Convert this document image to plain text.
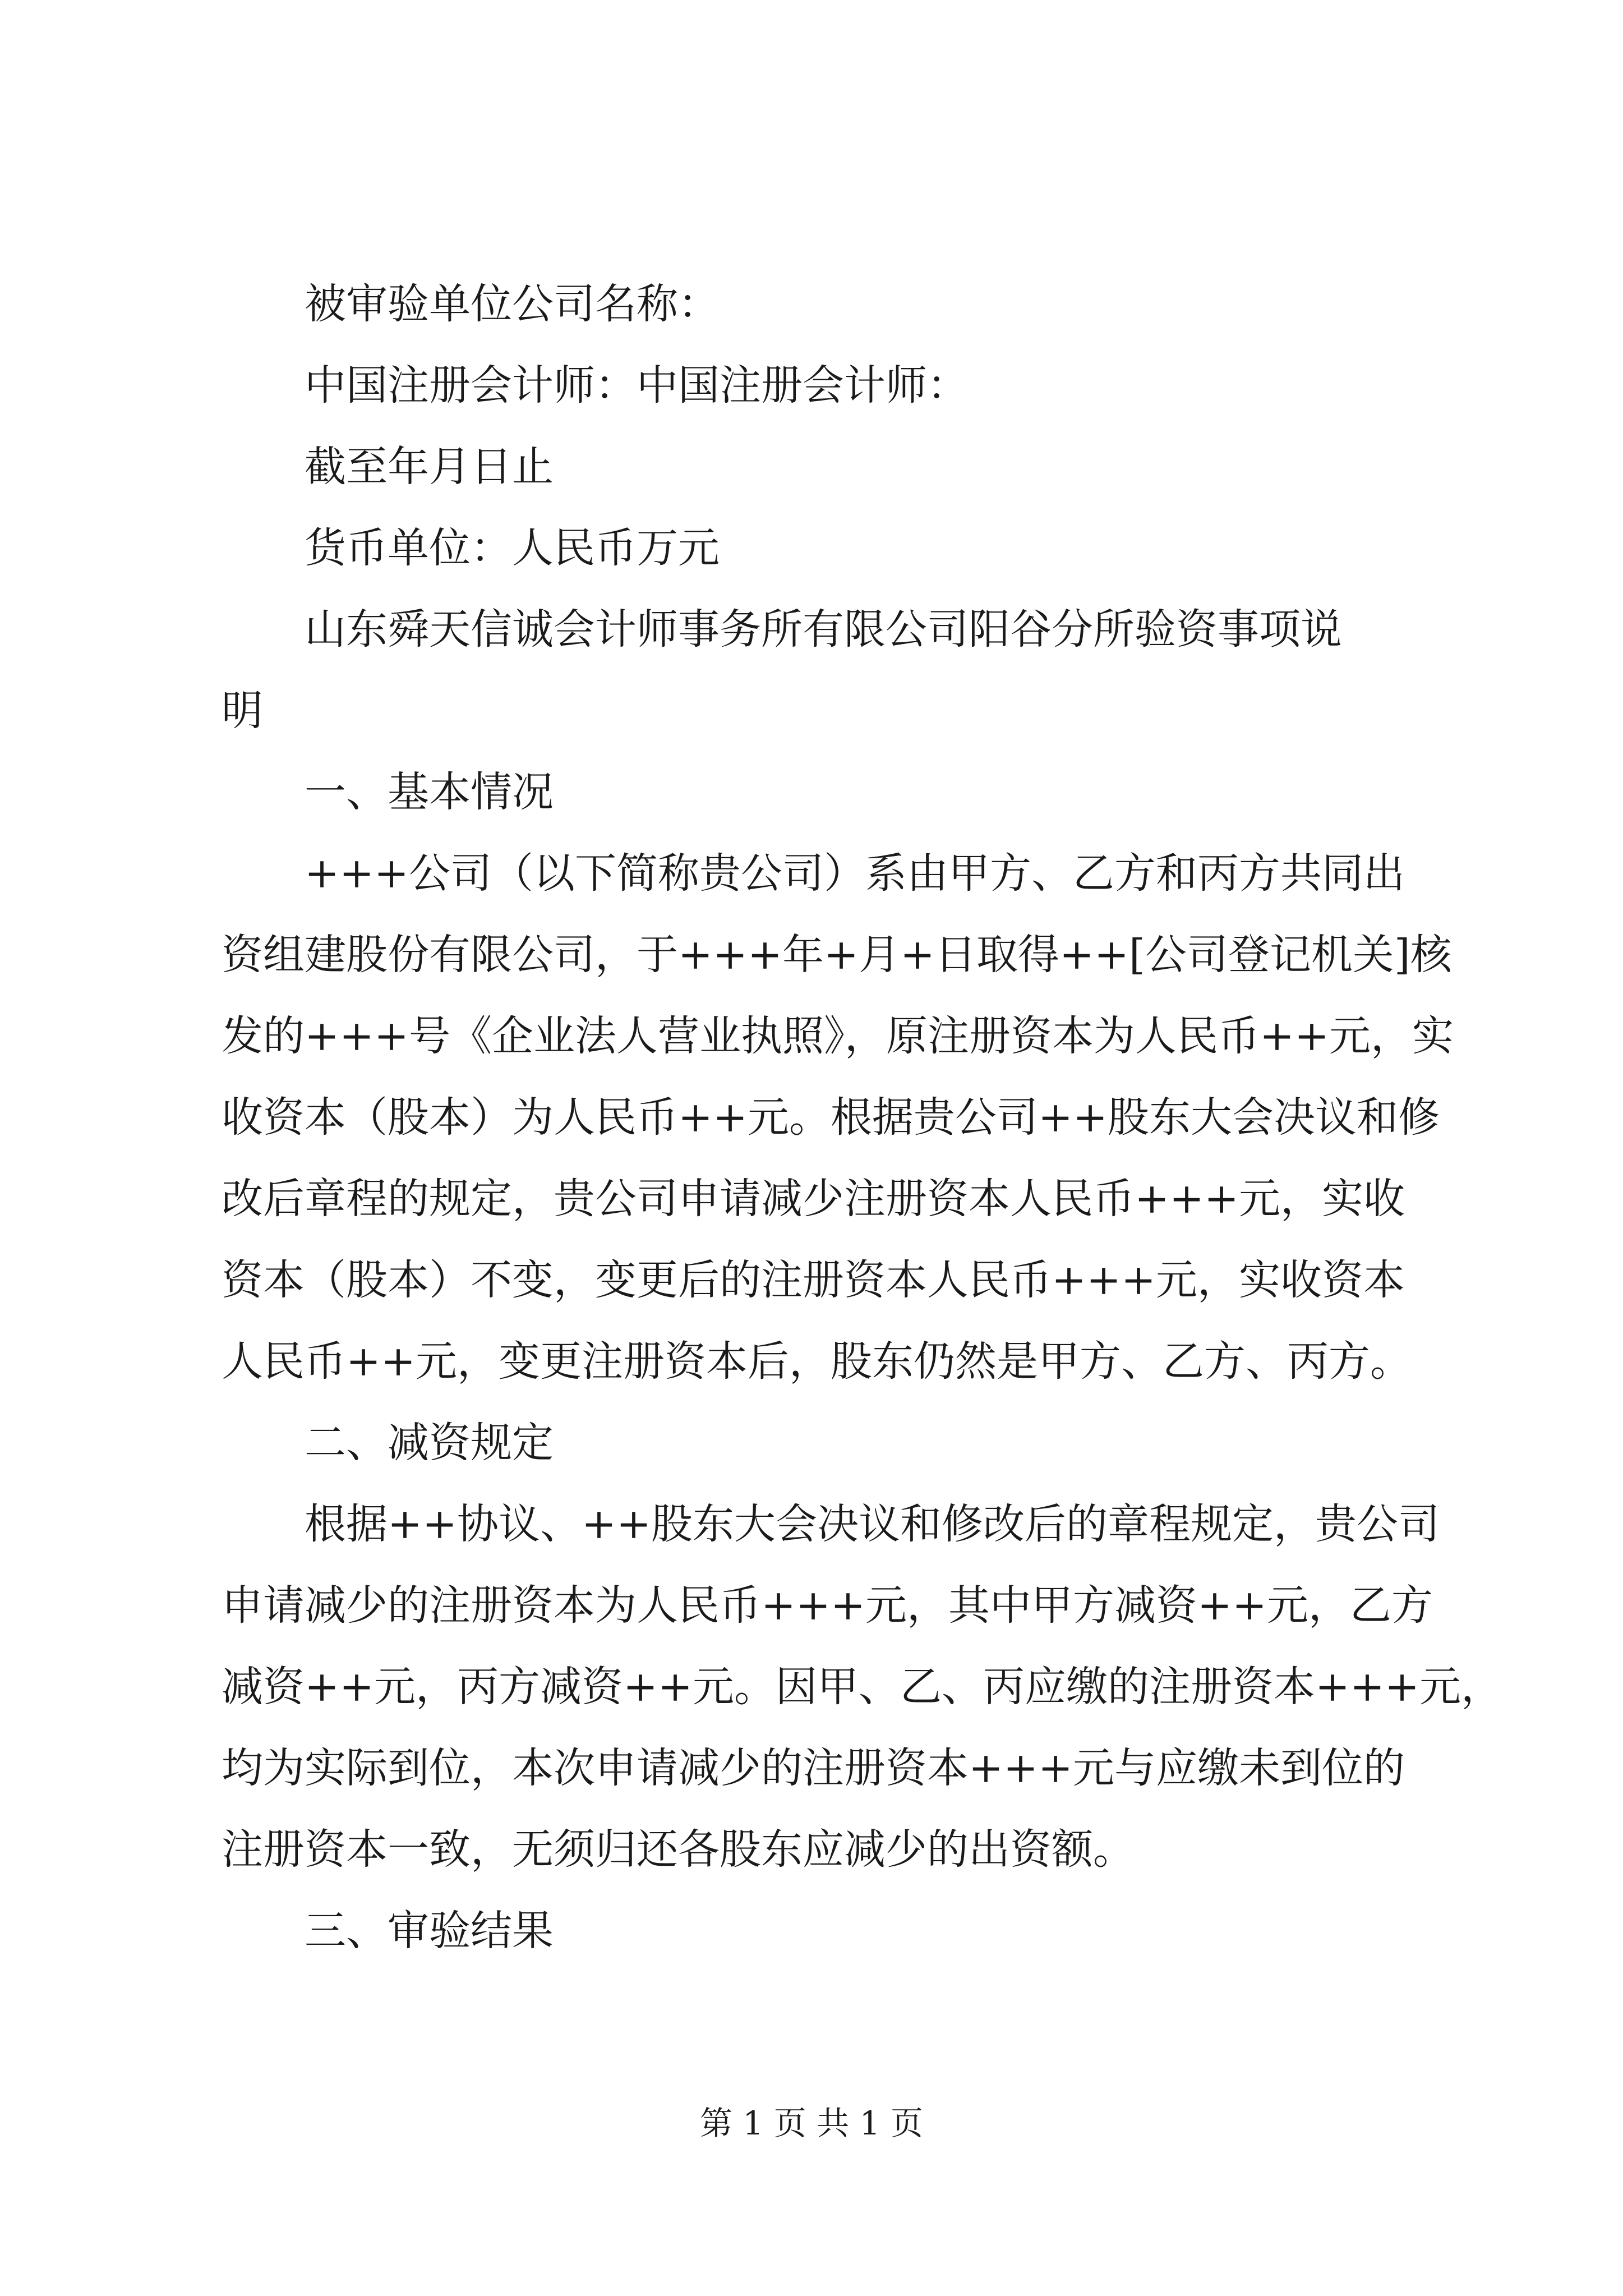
被审验单位公司名称：
中国注册会计师：中国注册会计师：
截至年月日止
货币单位：人民币万元
山东舜天信诚会计师事务所有限公司阳谷分所验资事项说
明
一、基本情况
+++公司（以下简称贵公司）系由甲方、乙方和丙方共同出
资组建股份有限公司，于+++年+月+日取得++[公司登记机关]核
发的+++号《企业法人营业执照》，原注册资本为人民币++元，实
收资本（股本）为人民币++元。根据贵公司++股东大会决议和修
改后章程的规定，贵公司申请减少注册资本人民币+++元，实收
资本（股本）不变，变更后的注册资本人民币+++元，实收资本
人民币++元，变更注册资本后，股东仍然是甲方、乙方、丙方。
二、减资规定
根据++协议、++股东大会决议和修改后的章程规定，贵公司
申请减少的注册资本为人民币+++元，其中甲方减资++元，乙方
减资++元，丙方减资++元。因甲、乙、丙应缴的注册资本+++元，
均为实际到位，本次申请减少的注册资本+++元与应缴未到位的
注册资本一致，无须归还各股东应减少的出资额。
三、审验结果
第 1 页 共 1 页
